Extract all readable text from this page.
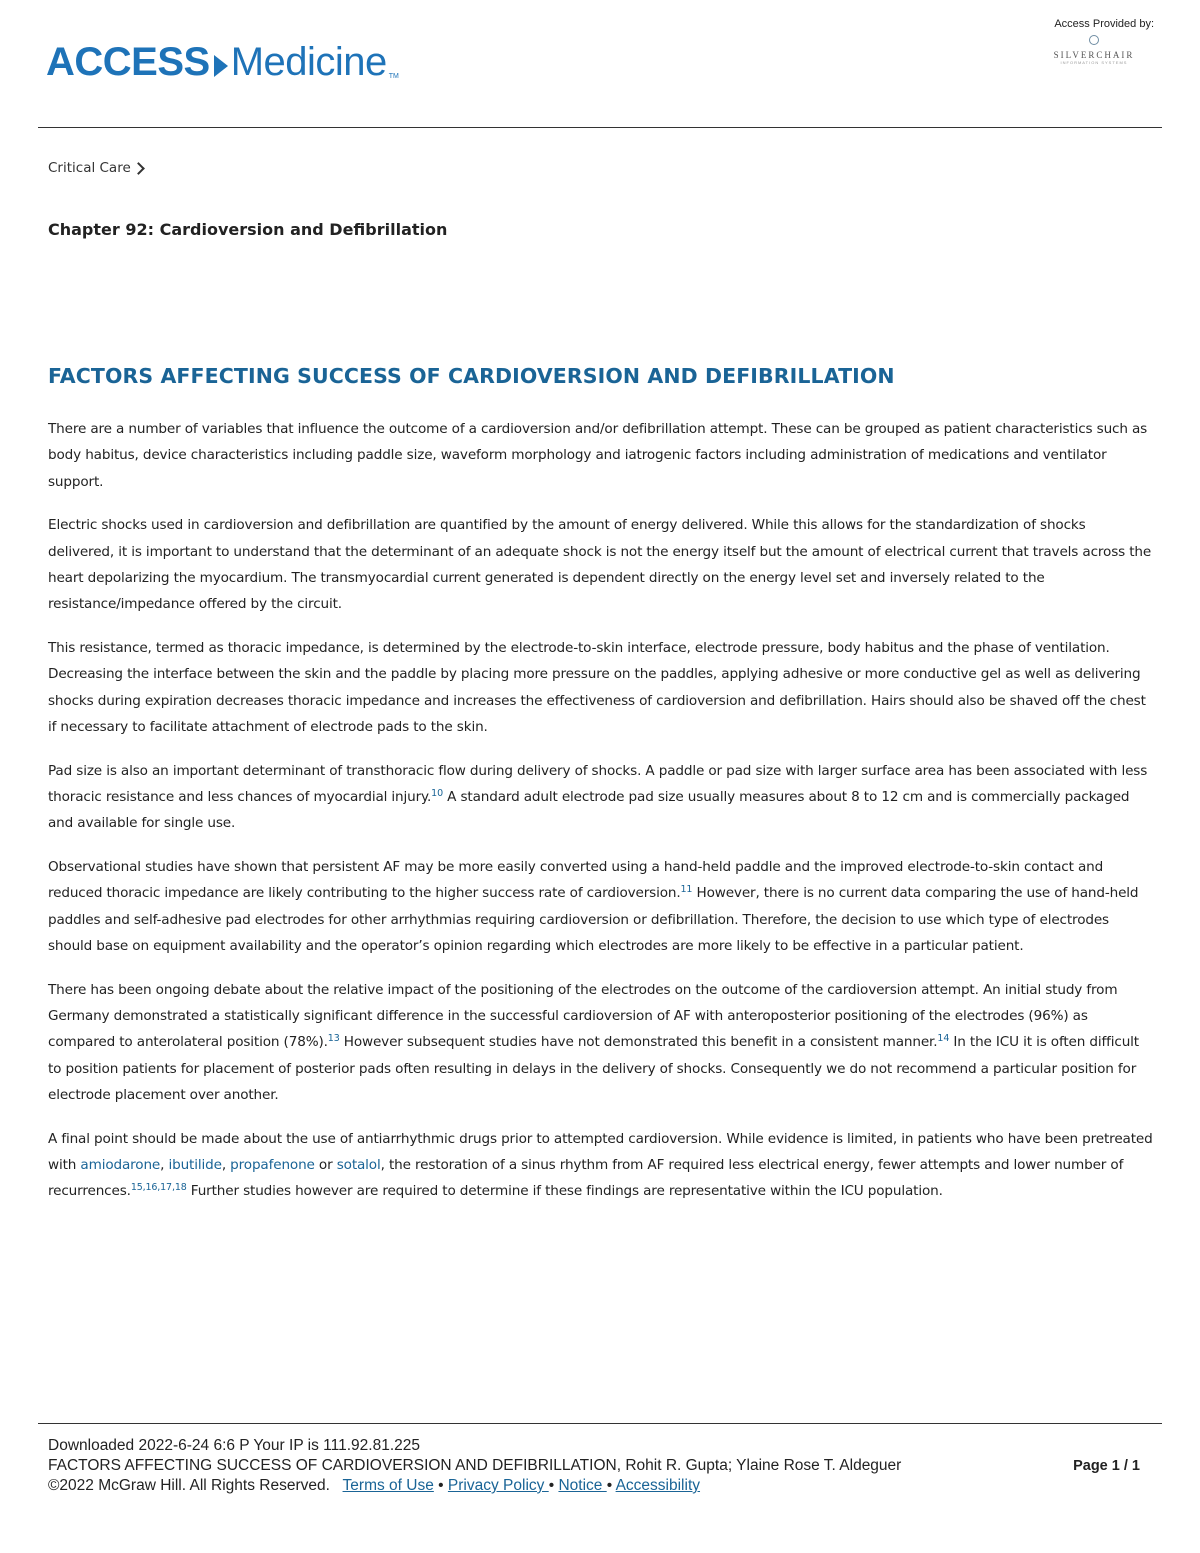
ACCESS Medicine TM
Access Provided by:
SILVERCHAIR
INFORMATION SYSTEMS
Critical Care
Chapter 92: Cardioversion and Defibrillation
FACTORS AFFECTING SUCCESS OF CARDIOVERSION AND DEFIBRILLATION

There are a number of variables that influence the outcome of a cardioversion and/or defibrillation attempt. These can be grouped as patient characteristics such as body habitus, device characteristics including paddle size, waveform morphology and iatrogenic factors including administration of medications and ventilator support.

Electric shocks used in cardioversion and defibrillation are quantified by the amount of energy delivered. While this allows for the standardization of shocks delivered, it is important to understand that the determinant of an adequate shock is not the energy itself but the amount of electrical current that travels across the heart depolarizing the myocardium. The transmyocardial current generated is dependent directly on the energy level set and inversely related to the resistance/impedance offered by the circuit.

This resistance, termed as thoracic impedance, is determined by the electrode-to-skin interface, electrode pressure, body habitus and the phase of ventilation. Decreasing the interface between the skin and the paddle by placing more pressure on the paddles, applying adhesive or more conductive gel as well as delivering shocks during expiration decreases thoracic impedance and increases the effectiveness of cardioversion and defibrillation. Hairs should also be shaved off the chest if necessary to facilitate attachment of electrode pads to the skin.

Pad size is also an important determinant of transthoracic flow during delivery of shocks. A paddle or pad size with larger surface area has been associated with less thoracic resistance and less chances of myocardial injury.$^{10}$ A standard adult electrode pad size usually measures about 8 to 12 cm and is commercially packaged and available for single use.

Observational studies have shown that persistent AF may be more easily converted using a hand-held paddle and the improved electrode-to-skin contact and reduced thoracic impedance are likely contributing to the higher success rate of cardioversion.$^{11}$ However, there is no current data comparing the use of hand-held paddles and self-adhesive pad electrodes for other arrhythmias requiring cardioversion or defibrillation. Therefore, the decision to use which type of electrodes should base on equipment availability and the operator’s opinion regarding which electrodes are more likely to be effective in a particular patient.

There has been ongoing debate about the relative impact of the positioning of the electrodes on the outcome of the cardioversion attempt. An initial study from Germany demonstrated a statistically significant difference in the successful cardioversion of AF with anteroposterior positioning of the electrodes (96%) as compared to anterolateral position (78%).$^{13}$ However subsequent studies have not demonstrated this benefit in a consistent manner.$^{14}$ In the ICU it is often difficult to position patients for placement of posterior pads often resulting in delays in the delivery of shocks. Consequently we do not recommend a particular position for electrode placement over another.

A final point should be made about the use of antiarrhythmic drugs prior to attempted cardioversion. While evidence is limited, in patients who have been pretreated with amiodarone, ibutilide, propafenone or sotalol, the restoration of a sinus rhythm from AF required less electrical energy, fewer attempts and lower number of recurrences.$^{15,16,17,18}$ Further studies however are required to determine if these findings are representative within the ICU population.

Downloaded 2022-6-24 6:6 P Your IP is 111.92.81.225
FACTORS AFFECTING SUCCESS OF CARDIOVERSION AND DEFIBRILLATION, Rohit R. Gupta; Ylaine Rose T. Aldeguer
©2022 McGraw Hill. All Rights Reserved. Terms of Use • Privacy Policy • Notice • Accessibility
Page 1 / 1
